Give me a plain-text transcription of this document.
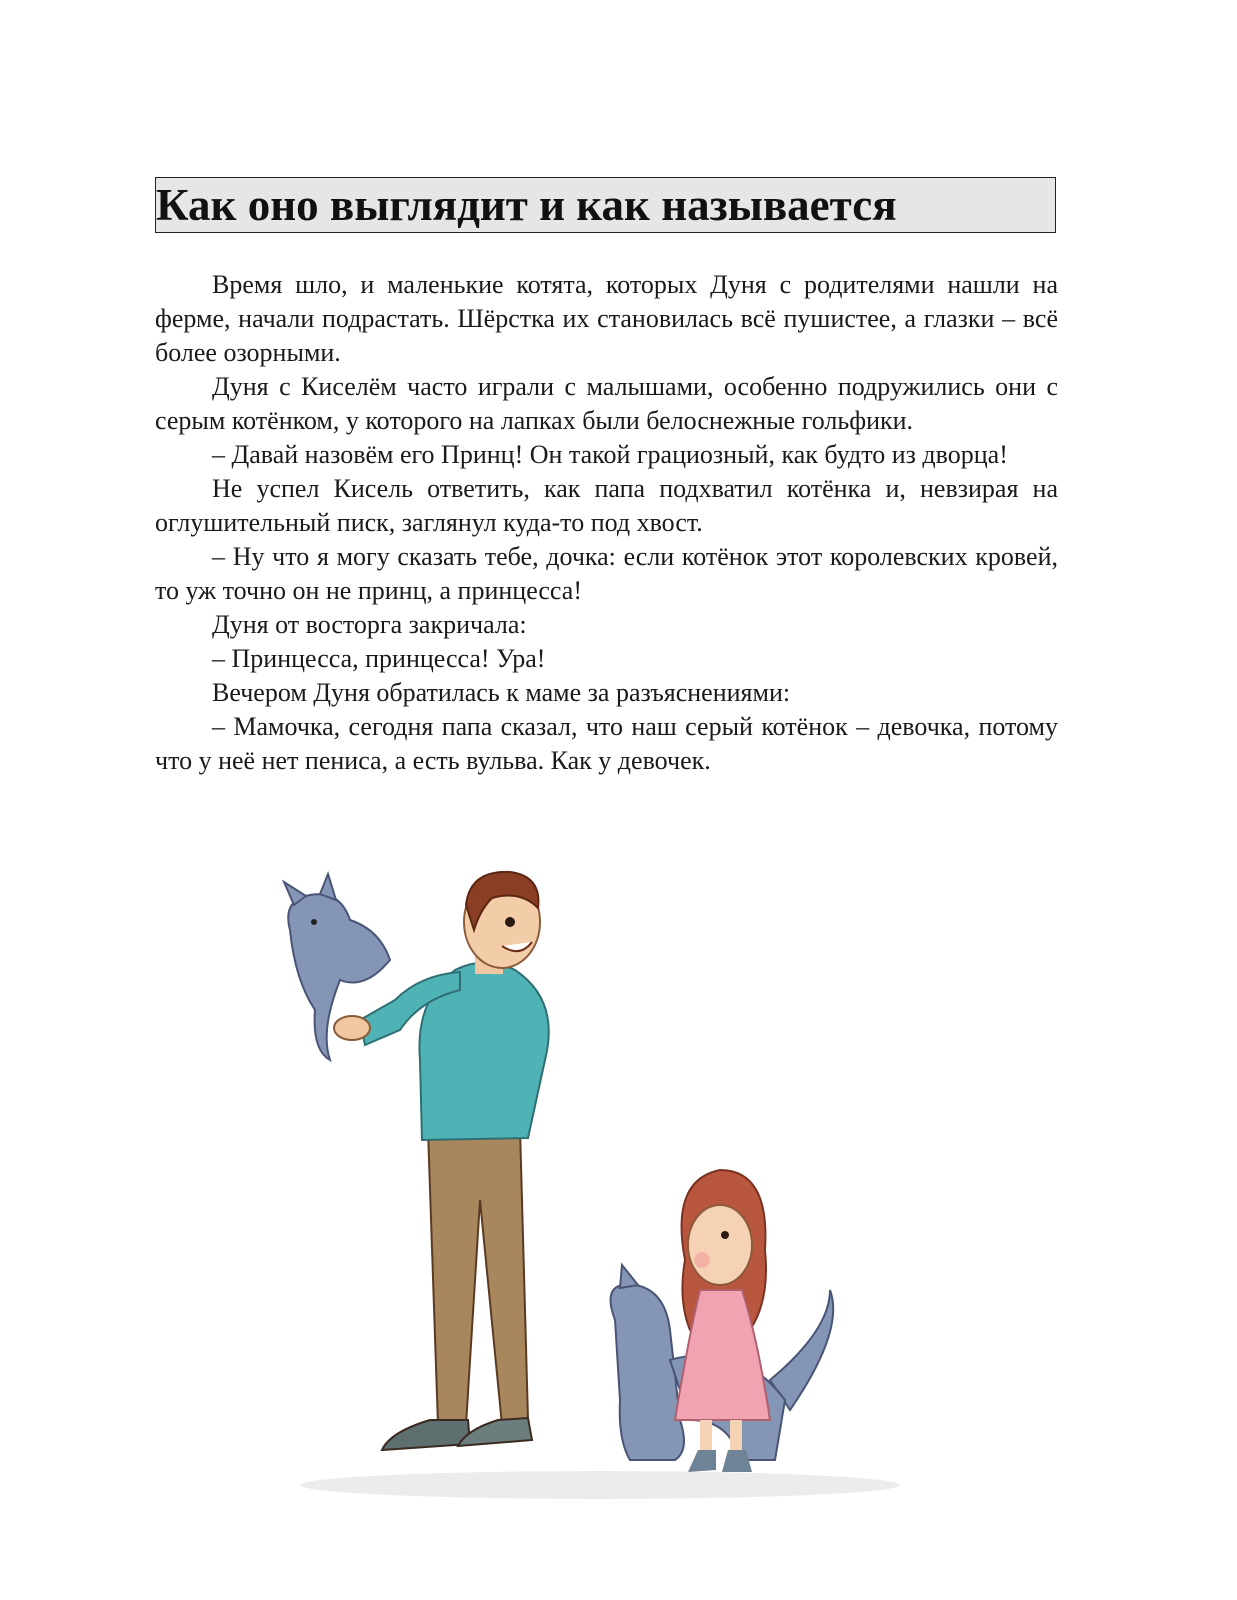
Как оно выглядит и как называется

Время шло, и маленькие котята, которых Дуня с родителями нашли на ферме, начали подрастать. Шёрстка их становилась всё пушистее, а глазки – всё более озорными.

Дуня с Киселём часто играли с малышами, особенно подружились они с серым котёнком, у которого на лапках были белоснежные гольфики.

– Давай назовём его Принц! Он такой грациозный, как будто из дворца!

Не успел Кисель ответить, как папа подхватил котёнка и, невзирая на оглушительный писк, заглянул куда-то под хвост.

– Ну что я могу сказать тебе, дочка: если котёнок этот королевских кровей, то уж точно он не принц, а принцесса!

Дуня от восторга закричала:

– Принцесса, принцесса! Ура!

Вечером Дуня обратилась к маме за разъяснениями:

– Мамочка, сегодня папа сказал, что наш серый котёнок – девочка, потому что у неё нет пениса, а есть вульва. Как у девочек.
